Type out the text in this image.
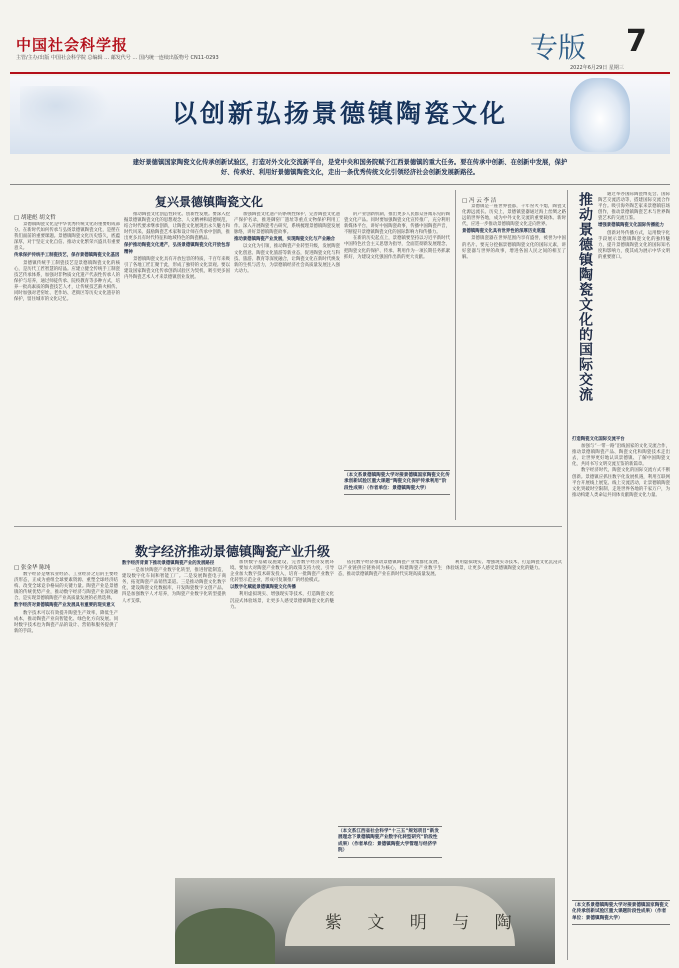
中国社会科学报
主管/主办/出版 中国社会科学院 总编辑 … 邮发代号 … 国内统一连续出版物号 CN11-0293	专版 7
2022年6月29日 星期三
以创新弘扬景德镇陶瓷文化
建好景德镇国家陶瓷文化传承创新试验区，打造对外文化交流新平台，是党中央和国务院赋予江西景德镇的重大任务。要在传承中创新、在创新中发展，保护好、传承好、利用好景德镇陶瓷文化，走出一条优秀传统文化引领经济社会创新发展新路径。
复兴景德镇陶瓷文化
□ 胡建彪 胡文哲

景德镇陶瓷文化是中华优秀传统文化的重要组成部分。在新时代如何传承与弘扬景德镇陶瓷文化，是摆在我们面前的重要课题。景德镇陶瓷文化历史悠久，底蕴深厚，对于坚定文化自信、推动文化繁荣兴盛具有重要意义。

传承保护传统手工制瓷技艺，保存景德镇陶瓷文化基因

景德镇传统手工制瓷技艺是景德镇陶瓷文化的核心，是历代工匠智慧的结晶。应建立健全传统手工制瓷技艺传承体系，加强对非物质文化遗产代表性传承人的保护与培养，通过师徒传承、院校教育等多种方式，培养一批高素质的陶瓷技艺人才，让传统技艺薪火相传。同时加强对老窑址、老作坊、老街区等历史文化遗存的保护，留住城市的文化记忆。

推动陶瓷文化创造性转化、创新性发展。要深入挖掘景德镇陶瓷文化的思想观念、人文精神和道德规范，结合时代要求继承创新，让陶瓷文化展现出永久魅力和时代风采。鼓励陶瓷艺术家和设计师在传承中创新，推出更多具有时代特征和地域特色的陶瓷精品。

保护推动陶瓷文化遗产，弘扬景德镇陶瓷文化开放包容精神

景德镇陶瓷文化具有开放包容的特质，千百年来吸引了各地工匠汇聚于此，形成了独特的文化景观。要以建设国家陶瓷文化传承创新试验区为契机，吸引更多国内外陶瓷艺术人才来景德镇创业发展。

加强陶瓷文化遗产的系统性保护，完善陶瓷文化遗产保护名录，推进御窑厂遗址等重点文物保护利用工作。深入开展陶瓷考古研究，系统梳理景德镇陶瓷发展脉络，讲好景德镇陶瓷故事。

推动景德镇陶瓷产业发展，实现陶瓷文化与产业融合

以文化为引领，推动陶瓷产业转型升级，发展陶瓷文化创意、陶瓷文化旅游等新业态，促进陶瓷文化与科技、旅游、教育等深度融合，让陶瓷文化在新时代焕发新的生机与活力，为景德镇经济社会高质量发展注入强大动力。

的产业创新机制，推出更多人民群众喜闻乐见的陶瓷文化产品。同时要加强陶瓷文化宣传推广，充分利用新媒体平台，讲好中国陶瓷故事，传播中国陶瓷声音，不断提升景德镇陶瓷文化的国际影响力和传播力。

在新的历史起点上，景德镇要坚持以习近平新时代中国特色社会主义思想为指导，全面贯彻新发展理念，把陶瓷文化的保护、传承、利用作为一项长期任务抓紧抓好，为建设文化强国作出新的更大贡献。

（本文系景德镇陶瓷大学对接景德镇国家陶瓷文化传承创新试验区重大课题“陶瓷文化保护传承利用”阶段性成果）（作者单位：景德镇陶瓷大学）
□ 冯 云 李 洁

景德镇是一座世界瓷都，千年窑火不熄，陶瓷文化源远流长。历史上，景德镇瓷器通过海上丝绸之路远销世界各地，成为中外文化交流的重要载体。新时代，应进一步推动景德镇陶瓷文化走向世界。

景德镇陶瓷文化具有世界性的深厚历史底蕴

景德镇瓷器在世界范围内享有盛誉，被誉为中国的名片。要充分挖掘景德镇陶瓷文化的国际元素，讲好瓷器与世界的故事，增进各国人民之间的相互了解。	推动景德镇陶瓷文化的国际交流	通过举办国际陶瓷博览会、国际陶艺交流活动等，搭建国际交流合作平台。吸引海外陶艺家来景德镇驻场创作，推动景德镇陶瓷艺术与世界陶瓷艺术的交流互鉴。

增强景德镇陶瓷文化国际传播能力

创新对外传播方式，运用数字化手段展示景德镇陶瓷文化的独特魅力，提升景德镇陶瓷文化的国际知名度和影响力，使其成为展示中华文明的重要窗口。

打造陶瓷文化国际交流平台

加强与“一带一路”沿线国家的文化交流合作，推动景德镇陶瓷产品、陶瓷文化和陶瓷技术走出去，让世界更好地认识景德镇、了解中国陶瓷文化，共同书写文明交流互鉴的新篇章。

数字经济时代，陶瓷文化的国际交流方式不断创新。景德镇应抓住数字化发展机遇，利用互联网平台开展线上展览、线上交流活动，让景德镇陶瓷文化突破时空限制，走进世界各地的千家万户，为推动构建人类命运共同体贡献陶瓷文化力量。

（本文系景德镇陶瓷大学对接景德镇国家陶瓷文化传承创新试验区重大课题阶段性成果）（作者单位：景德镇陶瓷大学）
数字经济推动景德镇陶瓷产业升级
□ 张金华 陈纯

数字经济是继农业经济、工业经济之后的主要经济形态，正成为重组全球要素资源、重塑全球经济结构、改变全球竞争格局的关键力量。陶瓷产业是景德镇的传统优势产业，推动数字经济与陶瓷产业深度融合，是实现景德镇陶瓷产业高质量发展的必然选择。

数字经济对景德镇陶瓷产业发展具有重要的现实意义

数字技术可以有效提升陶瓷生产效率，降低生产成本，推动陶瓷产业向智能化、绿色化方向发展。同时数字技术也为陶瓷产品的设计、营销和服务提供了新的手段。

数字经济背景下推动景德镇陶瓷产业的发展路径

一是加快陶瓷产业数字化转型，推进智能制造，建设数字化车间和智能工厂。二是发展陶瓷电子商务，拓宽陶瓷产品销售渠道。三是推动陶瓷文化数字化，建设陶瓷文化数据库，开发陶瓷数字文创产品。四是加强数字人才培养，为陶瓷产业数字化转型提供人才支撑。

加快数字基础设施建设，完善数字经济发展环境。要加大对陶瓷产业数字化的政策支持力度，引导企业加大数字技术研发投入，培育一批陶瓷产业数字化转型示范企业，形成可复制推广的经验模式。

以数字化赋能景德镇陶瓷文化传播

利用虚拟现实、增强现实等技术，打造陶瓷文化沉浸式体验场景，让更多人感受景德镇陶瓷文化的魅力。

依托数字经济推动景德镇陶瓷产业集群化发展，以产业链供应链协同为核心，构建陶瓷产业数字生态，推动景德镇陶瓷产业在新时代实现高质量发展。

（本文系江西省社会科学“十三五”规划项目“新发展理念下景德镇陶瓷产业数字化转型研究”阶段性成果）（作者单位：景德镇陶瓷大学管理与经济学院）

利用虚拟现实、增强现实等技术，打造陶瓷文化沉浸式体验场景，让更多人感受景德镇陶瓷文化的魅力。

紫 文 明 与 陶
